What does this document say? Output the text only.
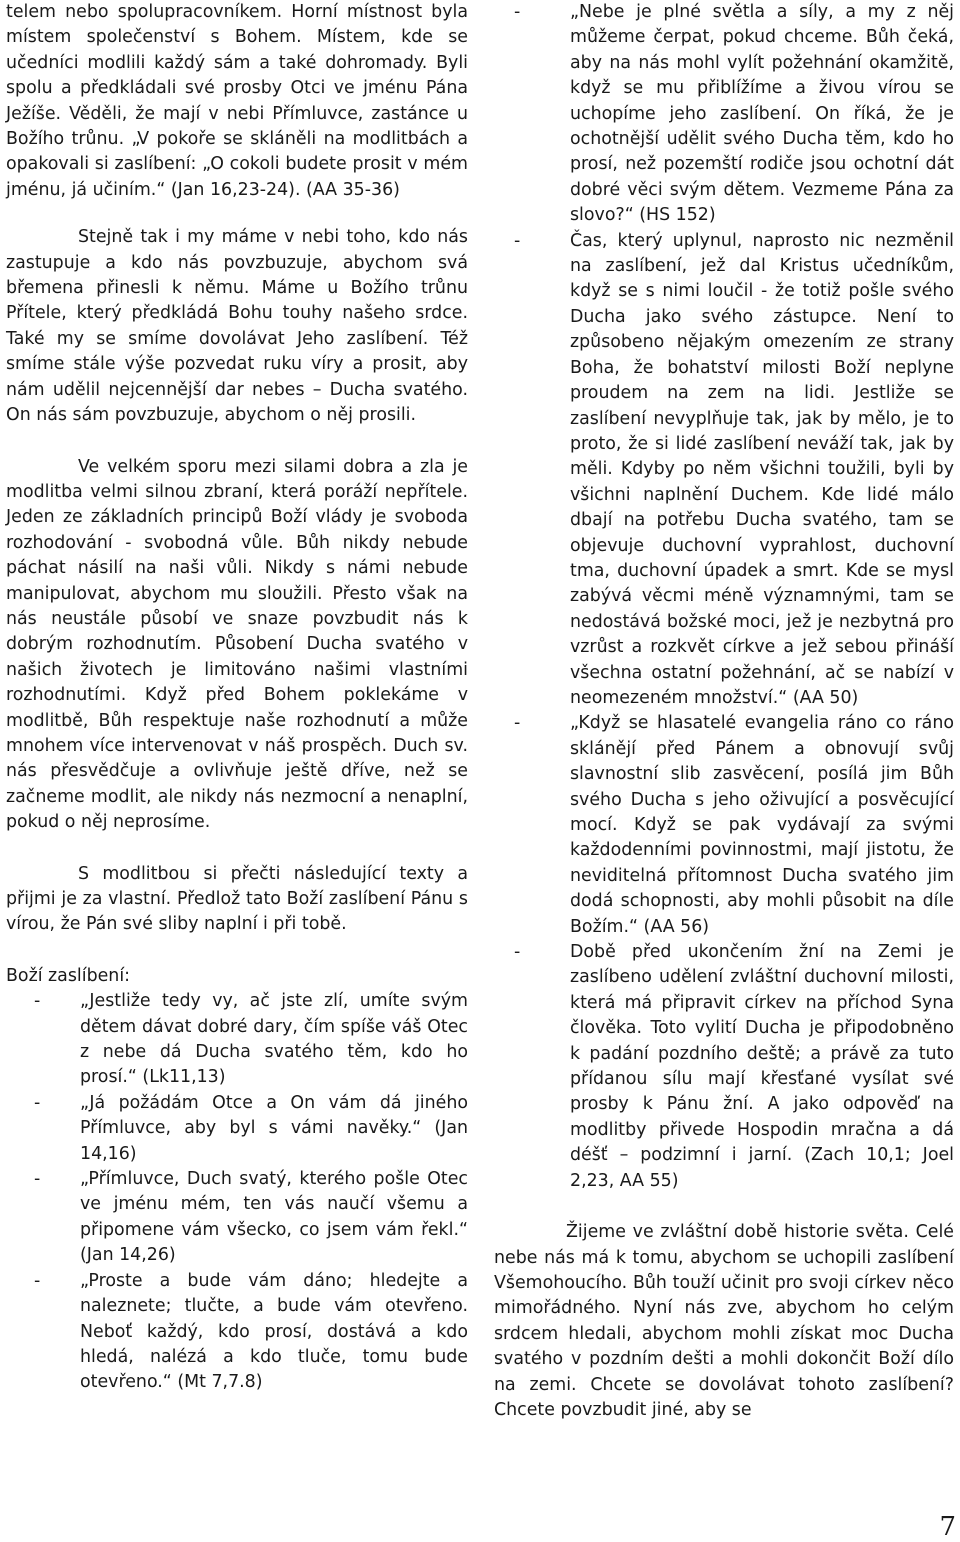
telem nebo spolupracovníkem. Horní místnost byla místem společenství s Bohem. Místem, kde se učedníci modlili každý sám a také dohromady. Byli spolu a předkládali své prosby Otci ve jménu Pána Ježíše. Věděli, že mají v nebi Přímluvce, zastánce u Božího trůnu. „V pokoře se skláněli na modlitbách a opakovali si zaslíbení: „O cokoli budete prosit v mém jménu, já učiním.“ (Jan 16,23-24). (AA 35-36)

Stejně tak i my máme v nebi toho, kdo nás zastupuje a kdo nás povzbuzuje, abychom svá břemena přinesli k němu. Máme u Božího trůnu Přítele, který předkládá Bohu touhy našeho srdce. Také my se smíme dovolávat Jeho zaslíbení. Též smíme stále výše pozvedat ruku víry a prosit, aby nám udělil nejcennější dar nebes – Ducha svatého. On nás sám povzbuzuje, abychom o něj prosili.

Ve velkém sporu mezi silami dobra a zla je modlitba velmi silnou zbraní, která poráží nepřítele. Jeden ze základních principů Boží vlády je svoboda rozhodování - svobodná vůle. Bůh nikdy nebude páchat násilí na naši vůli. Nikdy s námi nebude manipulovat, abychom mu sloužili. Přesto však na nás neustále působí ve snaze povzbudit nás k dobrým rozhodnutím. Působení Ducha svatého v našich životech je limitováno našimi vlastními rozhodnutími. Když před Bohem poklekáme v modlitbě, Bůh respektuje naše rozhodnutí a může mnohem více intervenovat v náš prospěch. Duch sv. nás přesvědčuje a ovlivňuje ještě dříve, než se začneme modlit, ale nikdy nás nezmocní a nenaplní, pokud o něj neprosíme.

S modlitbou si přečti následující texty a přijmi je za vlastní. Předlož tato Boží zaslíbení Pánu s vírou, že Pán své sliby naplní i při tobě.

Boží zaslíbení:

- „Jestliže tedy vy, ač jste zlí, umíte svým dětem dávat dobré dary, čím spíše váš Otec z nebe dá Ducha svatého těm, kdo ho prosí.“ (Lk11,13)
- „Já požádám Otce a On vám dá jiného Přímluvce, aby byl s vámi navěky.“ (Jan 14,16)
- „Přímluvce, Duch svatý, kterého pošle Otec ve jménu mém, ten vás naučí všemu a připomene vám všecko, co jsem vám řekl.“ (Jan 14,26)
- „Proste a bude vám dáno; hledejte a naleznete; tlučte, a bude vám otevřeno. Neboť každý, kdo prosí, dostává a kdo hledá, nalézá a kdo tluče, tomu bude otevřeno.“ (Mt 7,7.8)
-	„Nebe je plné světla a síly, a my z něj můžeme čerpat, pokud chceme. Bůh čeká, aby na nás mohl vylít požehnání okamžitě, když se mu přiblížíme a živou vírou se uchopíme jeho zaslíbení. On říká, že je ochotnější udělit svého Ducha těm, kdo ho prosí, než pozemští rodiče jsou ochotní dát dobré věci svým dětem. Vezmeme Pána za slovo?“ (HS 152)
-	Čas, který uplynul, naprosto nic nezměnil na zaslíbení, jež dal Kristus učedníkům, když se s nimi loučil - že totiž pošle svého Ducha jako svého zástupce. Není to způsobeno nějakým omezením ze strany Boha, že bohatství milosti Boží neplyne proudem na zem na lidi. Jestliže se zaslíbení nevyplňuje tak, jak by mělo, je to proto, že si lidé zaslíbení neváží tak, jak by měli. Kdyby po něm všichni toužili, byli by všichni naplnění Duchem. Kde lidé málo dbají na potřebu Ducha svatého, tam se objevuje duchovní vyprahlost, duchovní tma, duchovní úpadek a smrt. Kde se mysl zabývá věcmi méně významnými, tam se nedostává božské moci, jež je nezbytná pro vzrůst a rozkvět církve a jež sebou přináší všechna ostatní požehnání, ač se nabízí v neomezeném množství.“ (AA 50)
-	„Když se hlasatelé evangelia ráno co ráno sklánějí před Pánem a obnovují svůj slavnostní slib zasvěcení, posílá jim Bůh svého Ducha s jeho oživující a posvěcující mocí. Když se pak vydávají za svými každodenními povinnostmi, mají jistotu, že neviditelná přítomnost Ducha svatého jim dodá schopnosti, aby mohli působit na díle Božím.“ (AA 56)
-	Době před ukončením žní na Zemi je zaslíbeno udělení zvláštní duchovní milosti, která má připravit církev na příchod Syna člověka. Toto vylití Ducha je připodobněno k padání pozdního deště; a právě za tuto přídanou sílu mají křesťané vysílat své prosby k Pánu žní. A jako odpověď na modlitby přivede Hospodin mračna a dá déšť – podzimní i jarní. (Zach 10,1; Joel 2,23, AA 55)

Žijeme ve zvláštní době historie světa. Celé nebe nás má k tomu, abychom se uchopili zaslíbení Všemohoucího. Bůh touží učinit pro svoji církev něco mimořádného. Nyní nás zve, abychom ho celým srdcem hledali, abychom mohli získat moc Ducha svatého v pozdním dešti a mohli dokončit Boží dílo na zemi. Chcete se dovolávat tohoto zaslíbení? Chcete povzbudit jiné, aby se

7
